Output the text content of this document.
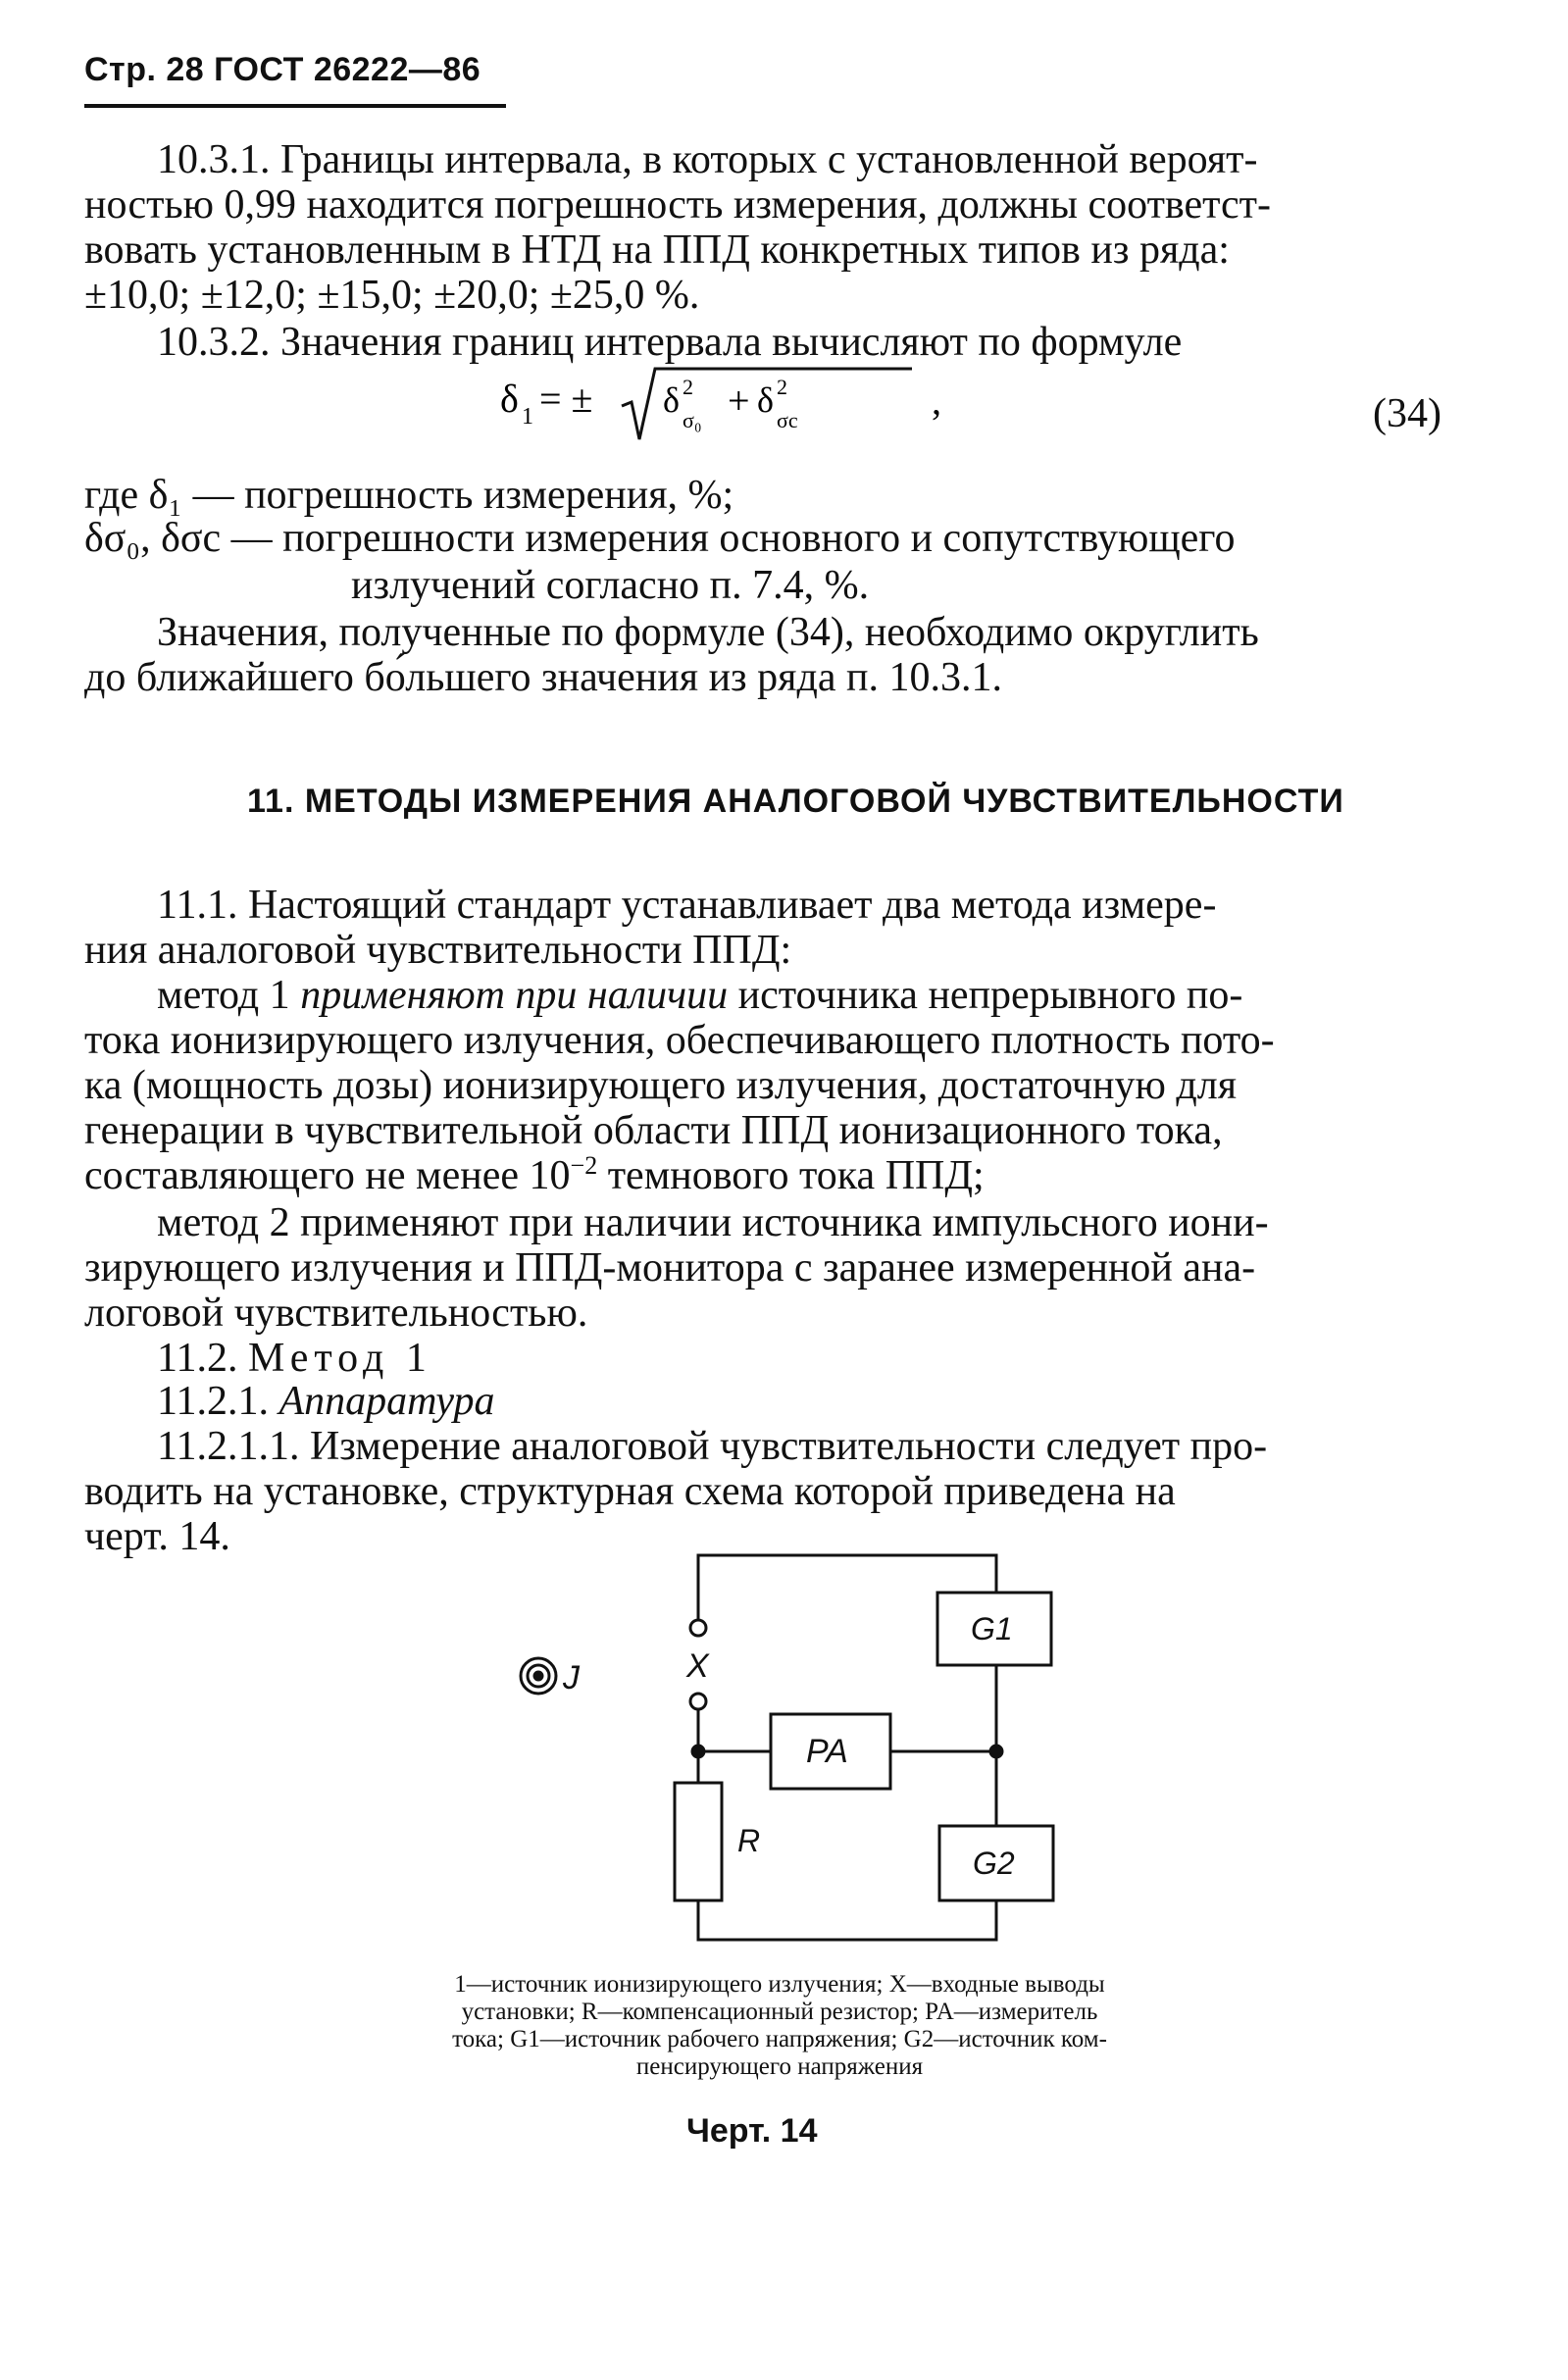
Стр. 28 ГОСТ 26222—86
10.3.1. Границы интервала, в которых с установленной вероят-
ностью 0,99 находится погрешность измерения, должны соответст-
вовать установленным в НТД на ППД конкретных типов из ряда:
±10,0; ±12,0; ±15,0; ±20,0; ±25,0 %.
10.3.2. Значения границ интервала вычисляют по формуле
δ 1 = ± δ 2
σ₀ + δ 2
σc	,	(34)
где δ₁ — погрешность измерения, %;
δσ₀, δσc — погрешности измерения основного и сопутствующего
излучений согласно п. 7.4, %.
Значения, полученные по формуле (34), необходимо округлить
до ближайшего бо́льшего значения из ряда п. 10.3.1.
11. МЕТОДЫ ИЗМЕРЕНИЯ АНАЛОГОВОЙ ЧУВСТВИТЕЛЬНОСТИ
11.1. Настоящий стандарт устанавливает два метода измере-
ния аналоговой чувствительности ППД:
метод 1 применяют при наличии источника непрерывного по-
тока ионизирующего излучения, обеспечивающего плотность пото-
ка (мощность дозы) ионизирующего излучения, достаточную для
генерации в чувствительной области ППД ионизационного тока,
составляющего не менее $10^{-2}$ темнового тока ППД;
метод 2 применяют при наличии источника импульсного иони-
зирующего излучения и ППД-монитора с заранее измеренной ана-
логовой чувствительностью.
11.2. Метод 1
11.2.1. Аппаратура
11.2.1.1. Измерение аналоговой чувствительности следует про-
водить на установке, структурная схема которой приведена на
черт. 14.
J	X
PA
G1
G2
R
1—источник ионизирующего излучения; X—входные выводы
установки; R—компенсационный резистор; PA—измеритель
тока; G1—источник рабочего напряжения; G2—источник ком-
пенсирующего напряжения
Черт. 14
